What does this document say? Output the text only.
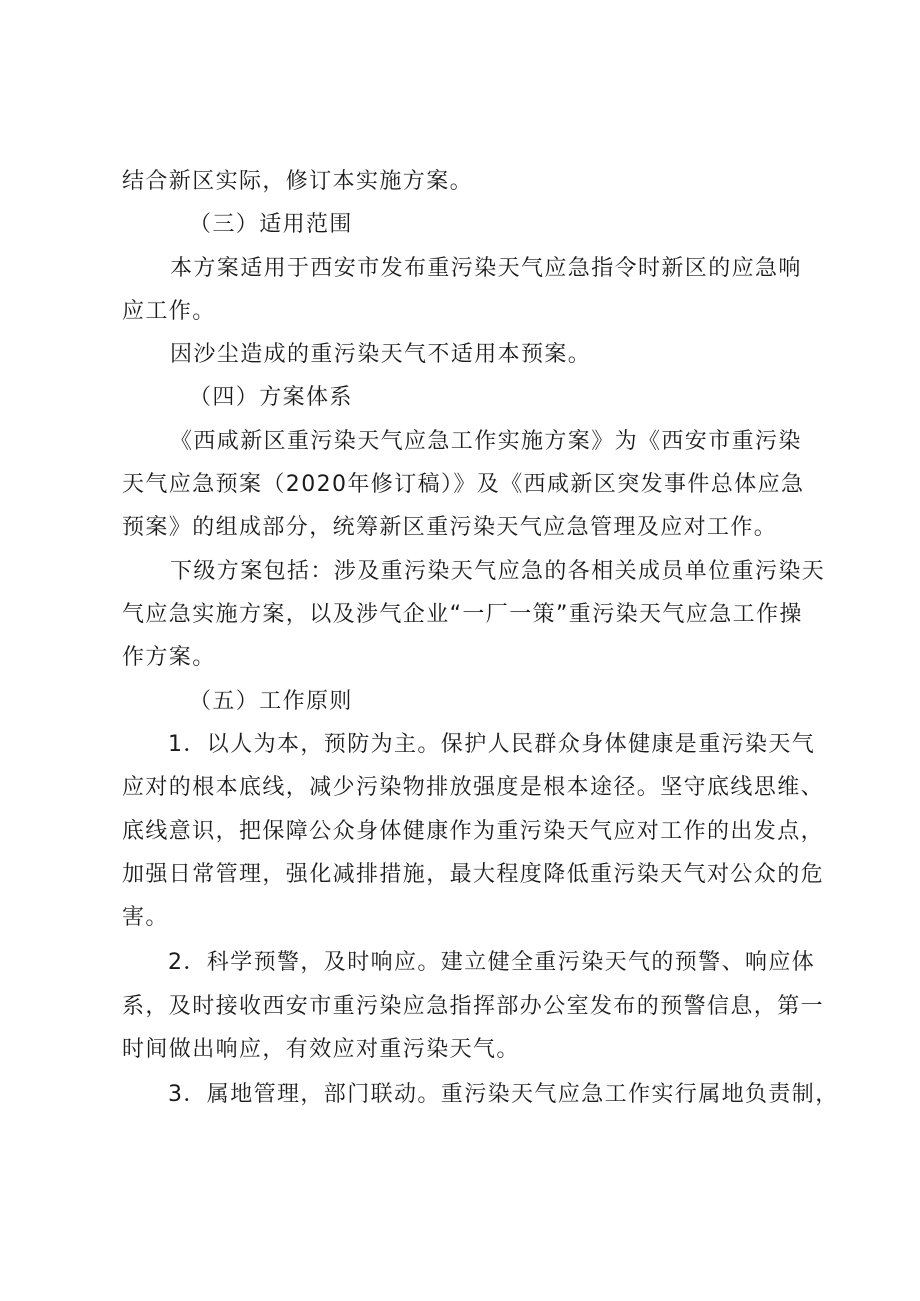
结合新区实际，修订本实施方案。

（三）适用范围

本方案适用于西安市发布重污染天气应急指令时新区的应急响

应工作。

因沙尘造成的重污染天气不适用本预案。

（四）方案体系

《西咸新区重污染天气应急工作实施方案》为《西安市重污染

天气应急预案（2020年修订稿）》及《西咸新区突发事件总体应急

预案》的组成部分，统筹新区重污染天气应急管理及应对工作。

下级方案包括：涉及重污染天气应急的各相关成员单位重污染天

气应急实施方案，以及涉气企业“一厂一策”重污染天气应急工作操

作方案。

（五）工作原则

1．以人为本，预防为主。保护人民群众身体健康是重污染天气

应对的根本底线，减少污染物排放强度是根本途径。坚守底线思维、

底线意识，把保障公众身体健康作为重污染天气应对工作的出发点，

加强日常管理，强化减排措施，最大程度降低重污染天气对公众的危

害。

2．科学预警，及时响应。建立健全重污染天气的预警、响应体

系，及时接收西安市重污染应急指挥部办公室发布的预警信息，第一

时间做出响应，有效应对重污染天气。

3．属地管理，部门联动。重污染天气应急工作实行属地负责制，
